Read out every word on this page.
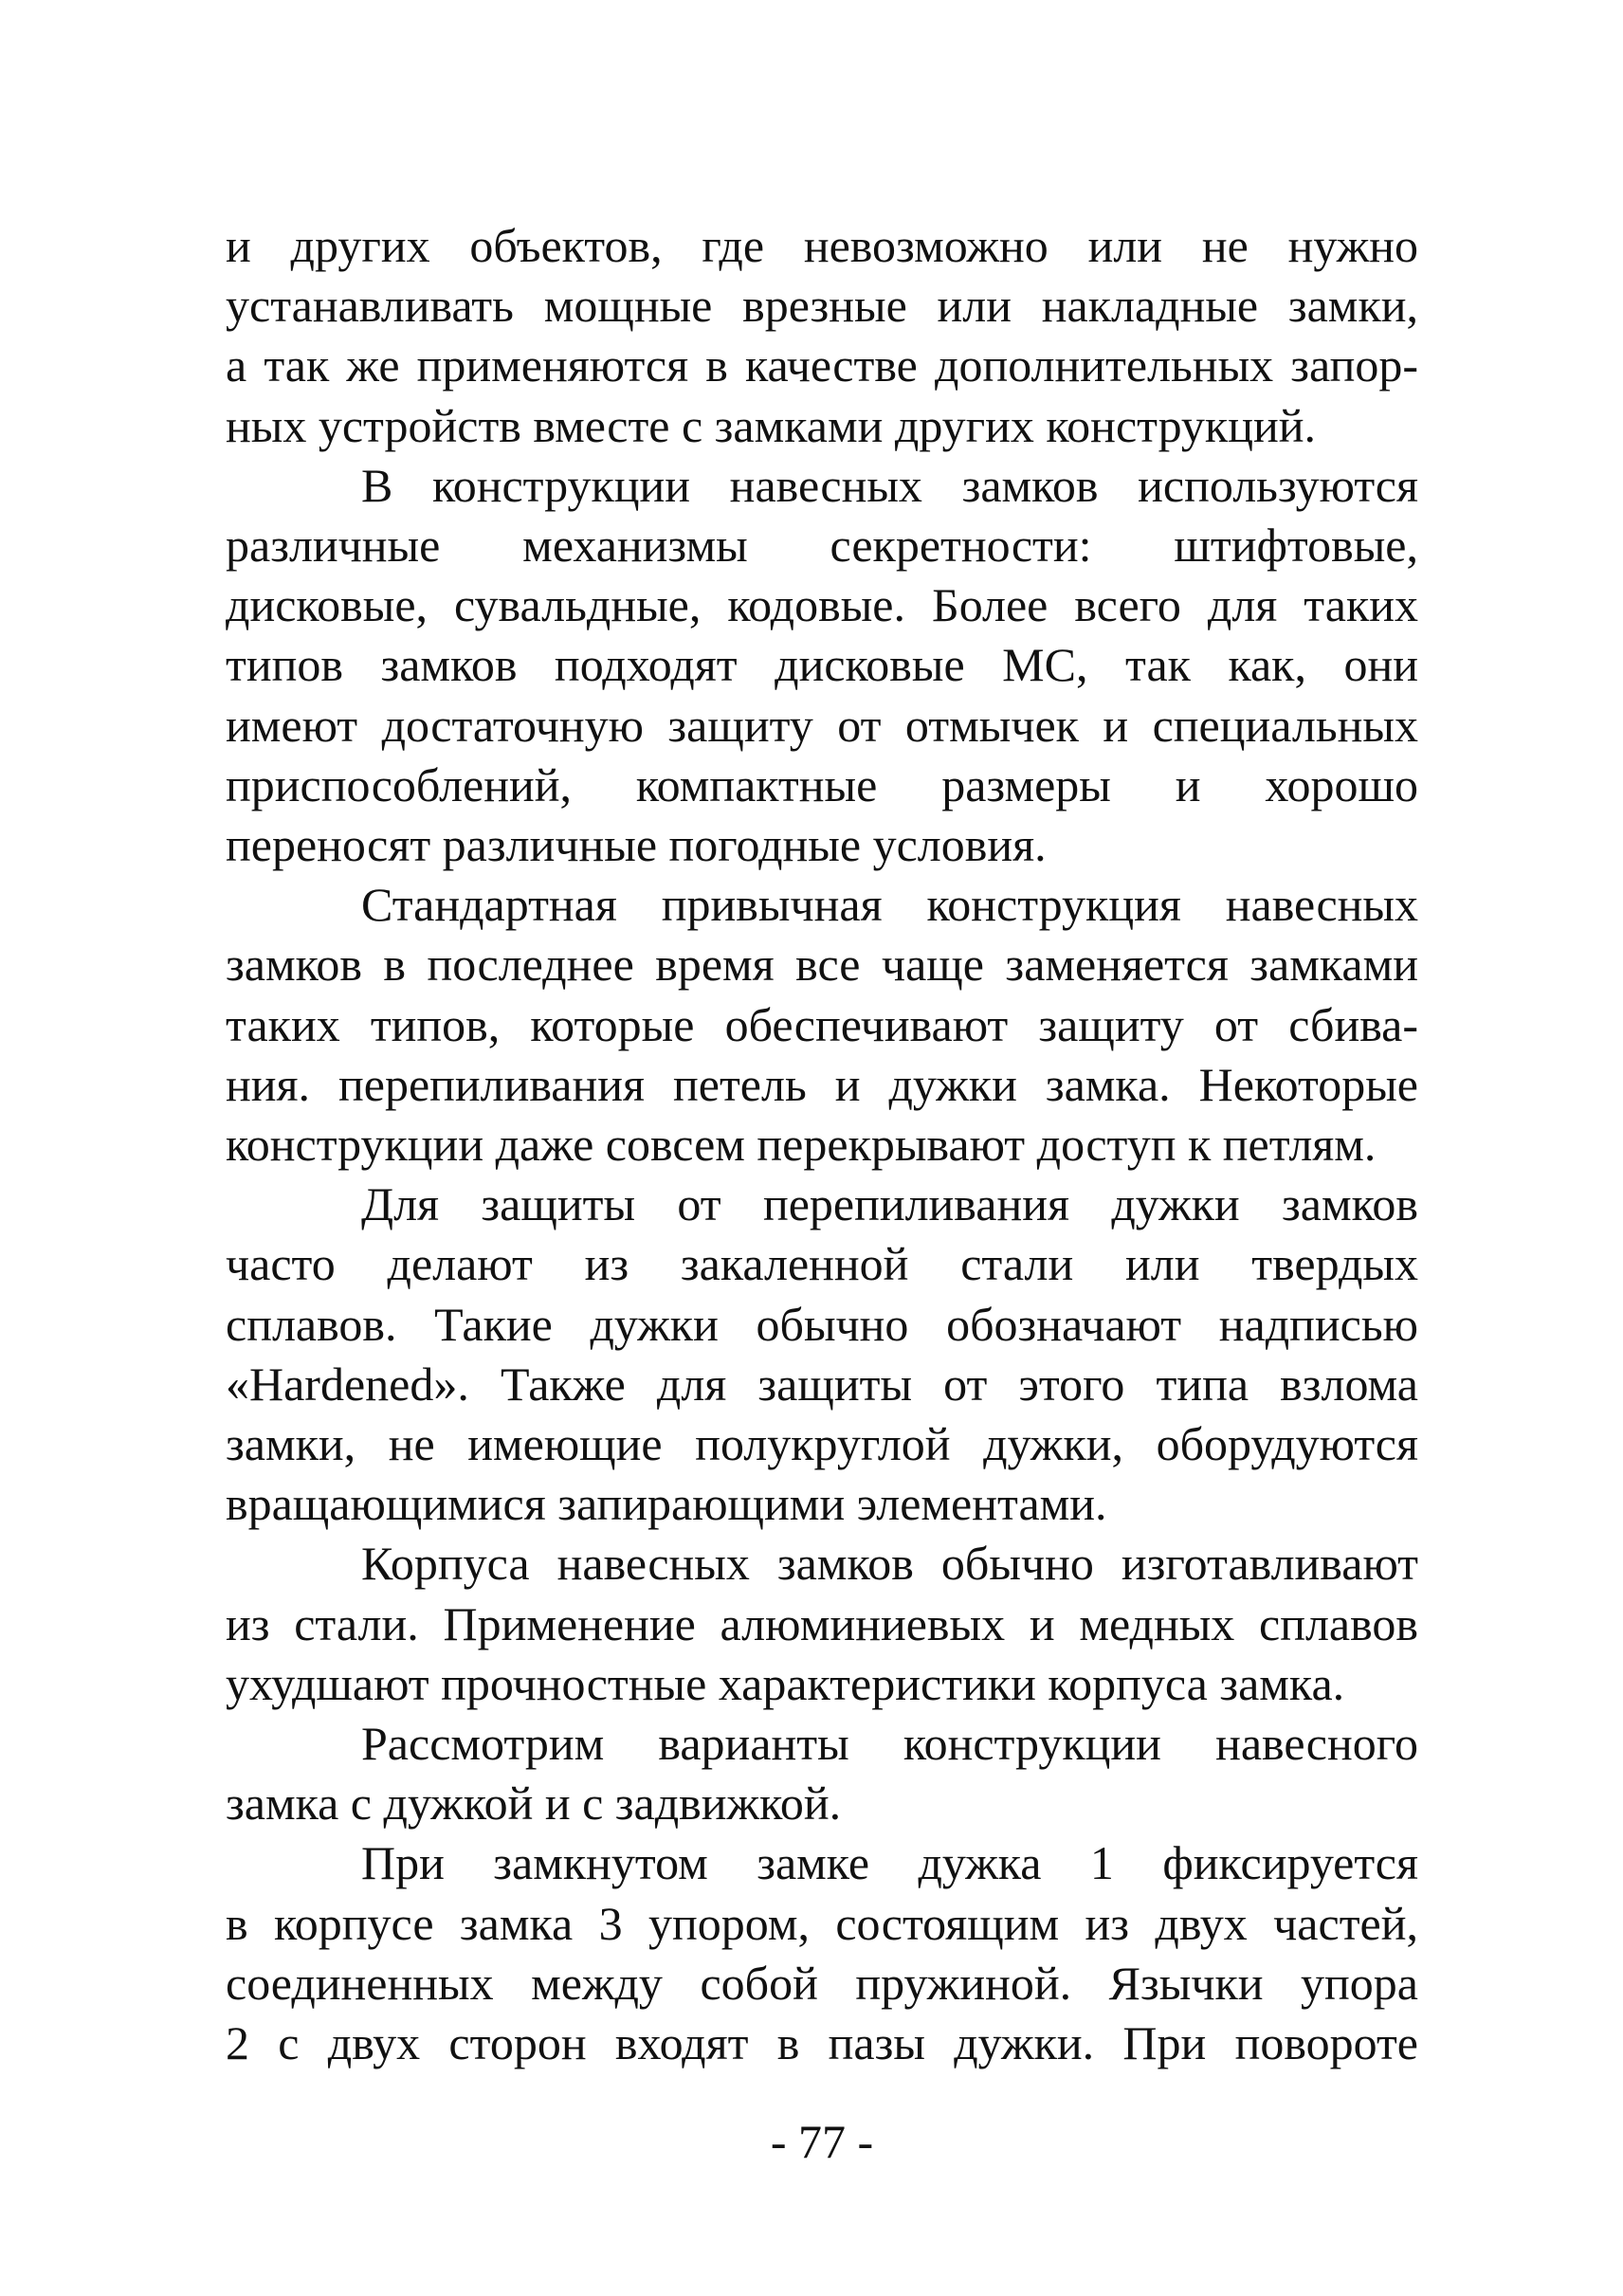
и других объектов, где невозможно или не нужно
устанавливать мощные врезные или накладные замки,
а так же применяются в качестве дополнительных запор-
ных устройств вместе с замками других конструкций.
В конструкции навесных замков используются
различные механизмы секретности: штифтовые,
дисковые, сувальдные, кодовые. Более всего для таких
типов замков подходят дисковые МС, так как, они
имеют достаточную защиту от отмычек и специальных
приспособлений, компактные размеры и хорошо
переносят различные погодные условия.
Стандартная привычная конструкция навесных
замков в последнее время все чаще заменяется замками
таких типов, которые обеспечивают защиту от сбива-
ния. перепиливания петель и дужки замка. Некоторые
конструкции даже совсем перекрывают доступ к петлям.
Для защиты от перепиливания дужки замков
часто делают из закаленной стали или твердых
сплавов. Такие дужки обычно обозначают надписью
«Hardened». Также для защиты от этого типа взлома
замки, не имеющие полукруглой дужки, оборудуются
вращающимися запирающими элементами.
Корпуса навесных замков обычно изготавливают
из стали. Применение алюминиевых и медных сплавов
ухудшают прочностные характеристики корпуса замка.
Рассмотрим варианты конструкции навесного
замка с дужкой и с задвижкой.
При замкнутом замке дужка 1 фиксируется
в корпусе замка 3 упором, состоящим из двух частей,
соединенных между собой пружиной. Язычки упора
2 с двух сторон входят в пазы дужки. При повороте
- 77 -
